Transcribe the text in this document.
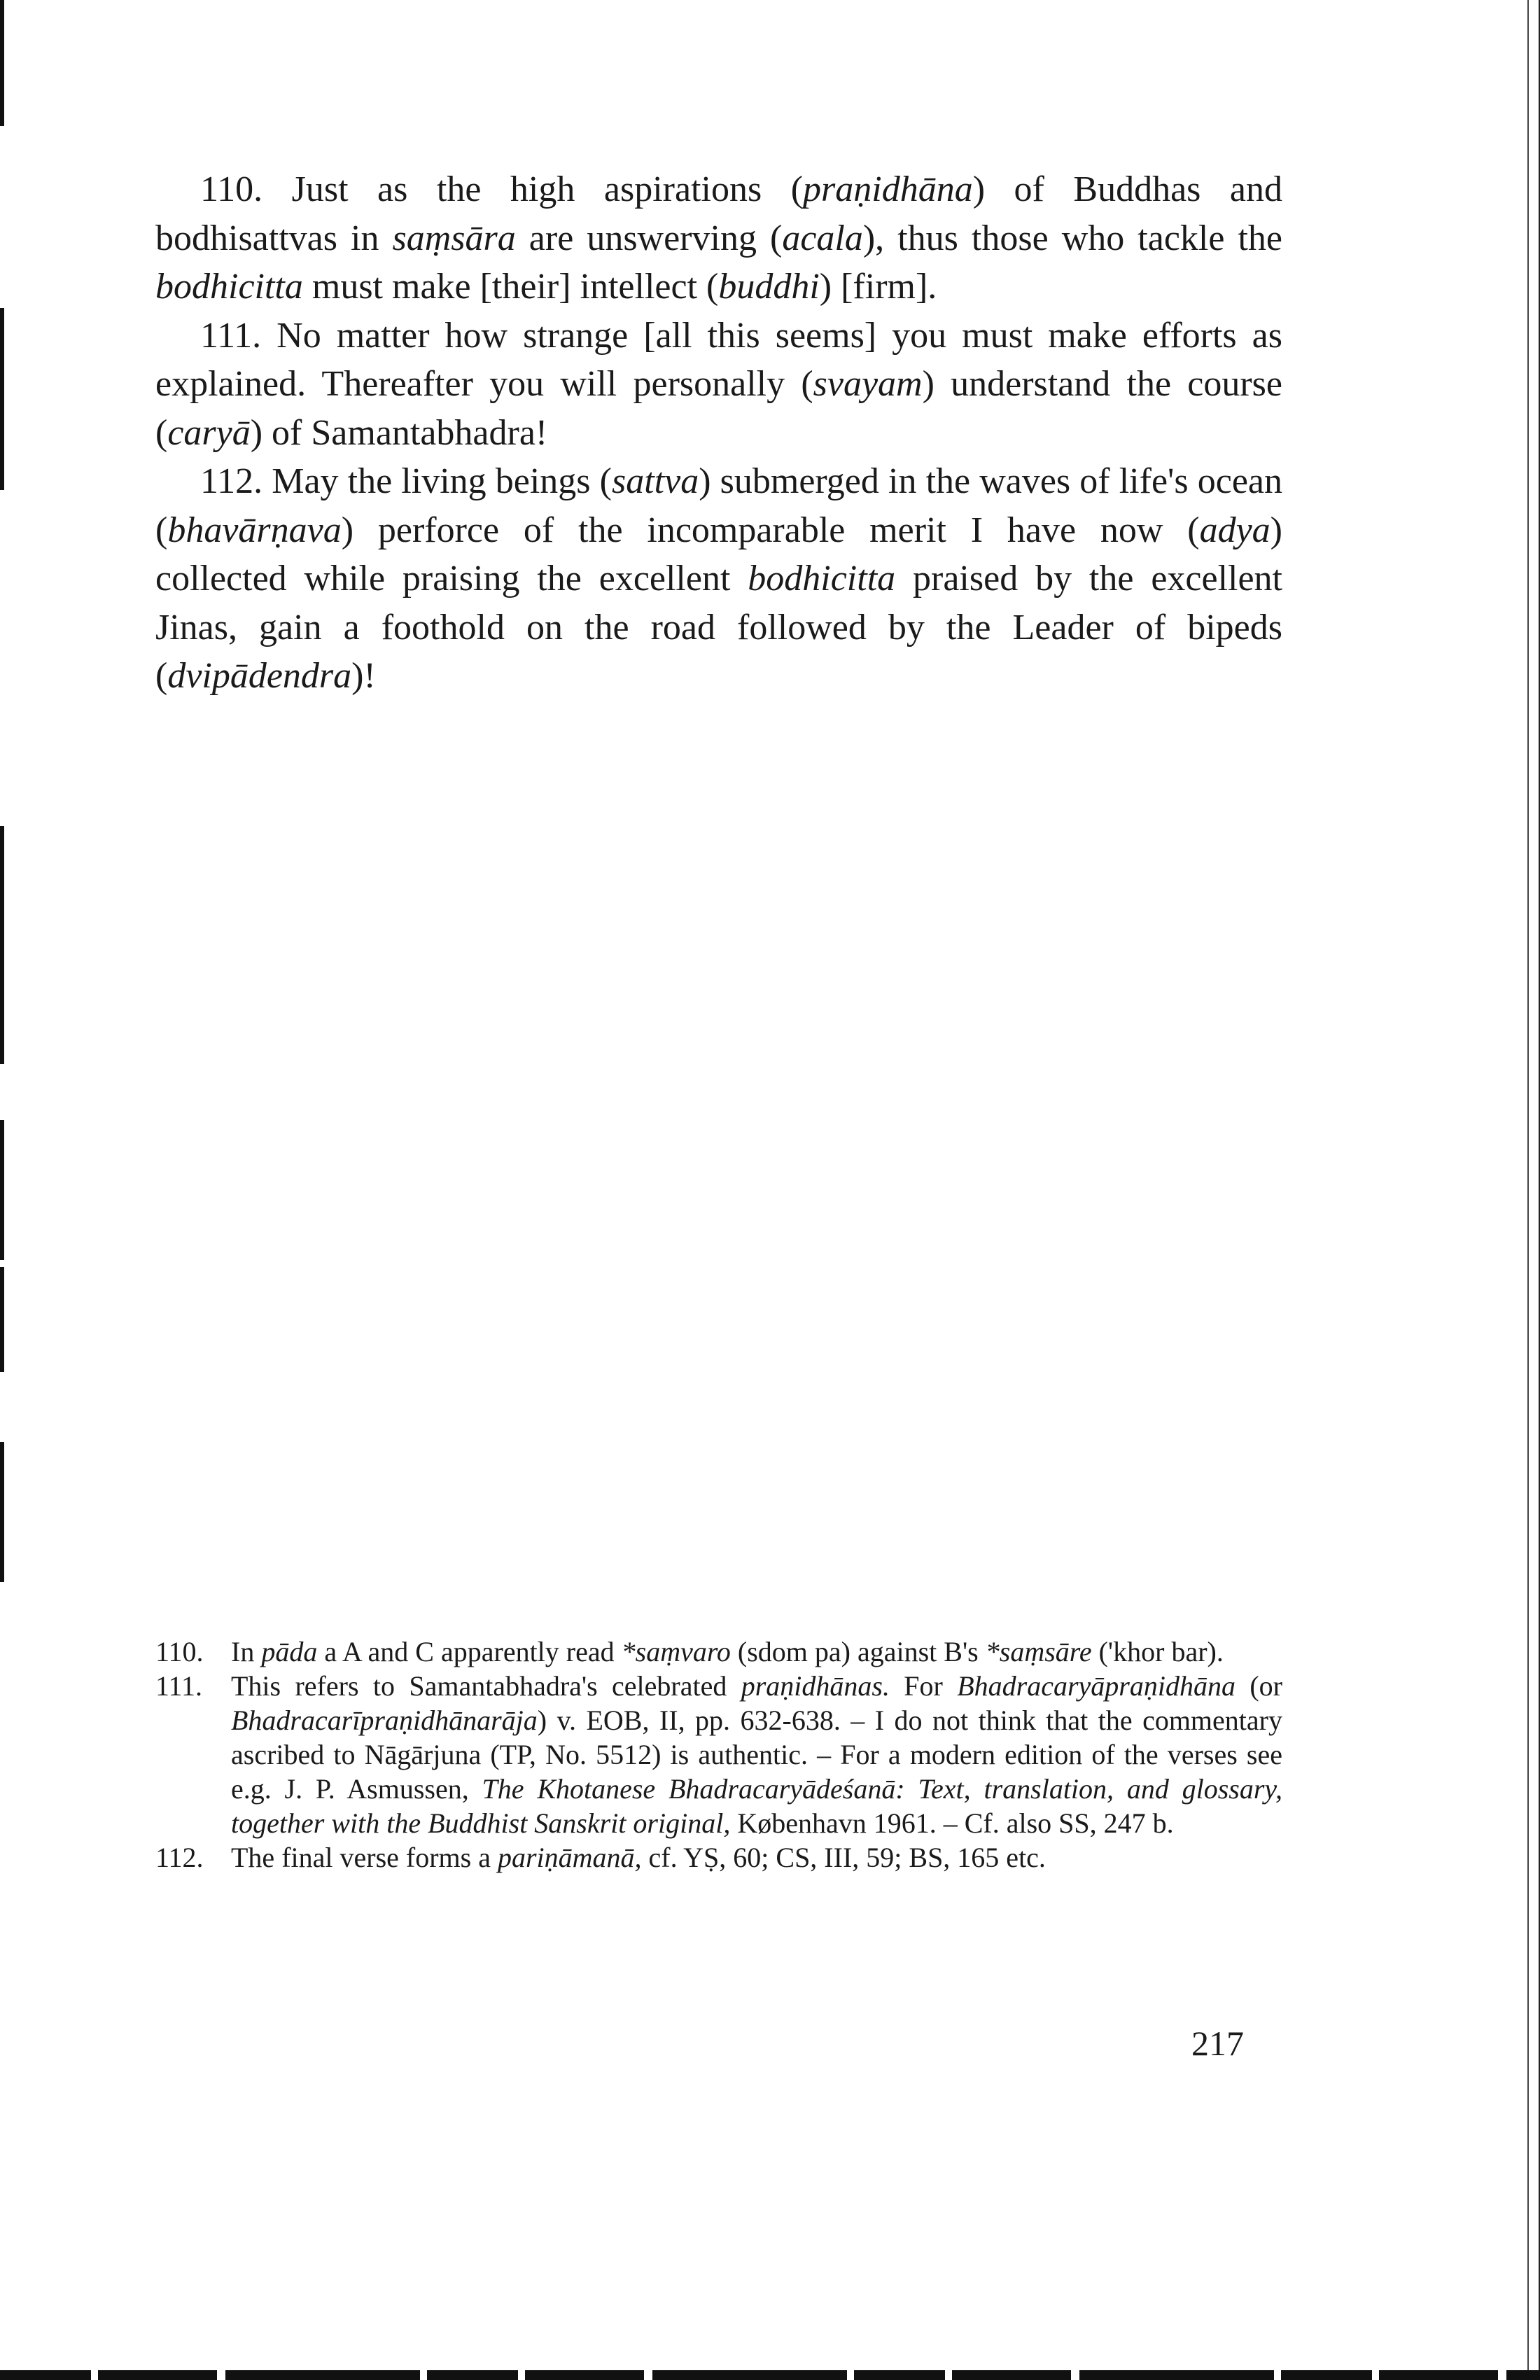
110. Just as the high aspirations (praṇidhāna) of Buddhas and bodhisattvas in saṃsāra are unswerving (acala), thus those who tackle the bodhicitta must make [their] intellect (buddhi) [firm].

111. No matter how strange [all this seems] you must make efforts as explained. Thereafter you will personally (svayam) understand the course (caryā) of Samantabhadra!

112. May the living beings (sattva) submerged in the waves of life's ocean (bhavārṇava) perforce of the incomparable merit I have now (adya) collected while praising the excellent bodhicitta praised by the excellent Jinas, gain a foothold on the road followed by the Leader of bipeds (dvipādendra)!

110. In pāda a A and C apparently read *saṃvaro (sdom pa) against B's *saṃsāre ('khor bar).
111.	This refers to Samantabhadra's celebrated praṇidhānas. For Bhadracaryāpraṇidhāna (or Bhadracarīpraṇidhānarāja) v. EOB, II, pp. 632-638. – I do not think that the commentary ascribed to Nāgārjuna (TP, No. 5512) is authentic. – For a modern edition of the verses see e.g. J. P. Asmussen, The Khotanese Bhadracaryādeśanā: Text, translation, and glossary, together with the Buddhist Sanskrit original, København 1961. – Cf. also SS, 247 b.
112. The final verse forms a pariṇāmanā, cf. YṢ, 60; CS, III, 59; BS, 165 etc.
217
